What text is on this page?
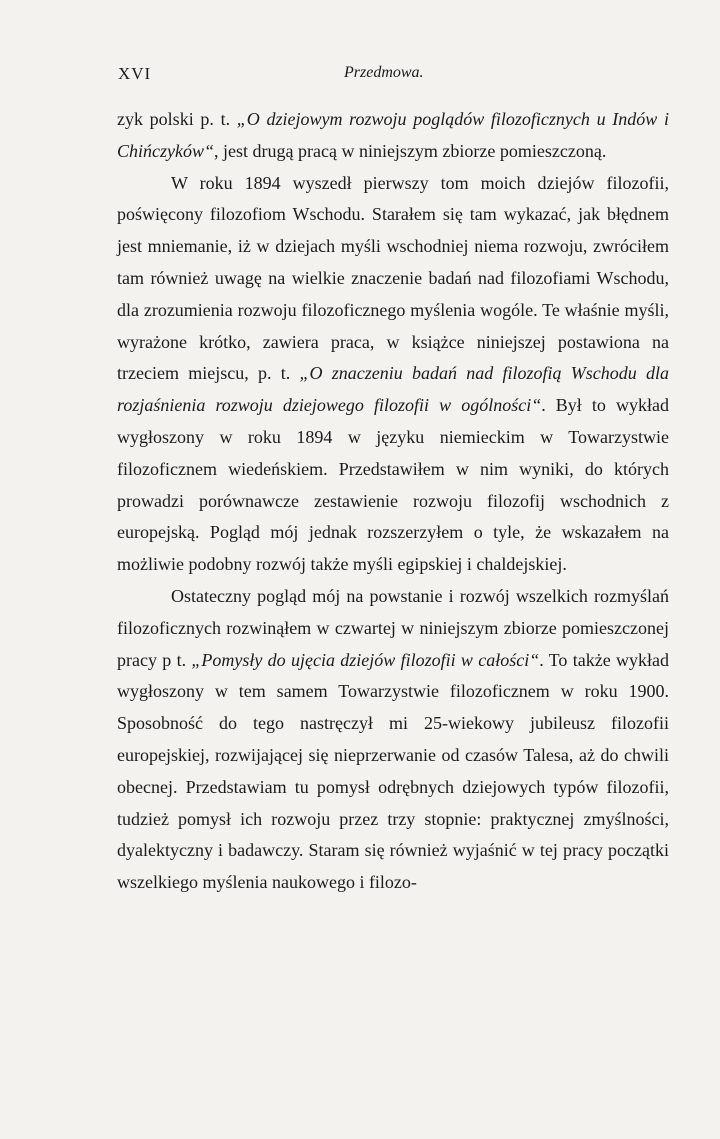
XVI	Przedmowa.

zyk polski p. t. „O dziejowym rozwoju poglądów filozoficznych u Indów i Chińczyków“, jest drugą pracą w niniejszym zbiorze pomieszczoną.

W roku 1894 wyszedł pierwszy tom moich dziejów filozofii, poświęcony filozofiom Wschodu. Starałem się tam wykazać, jak błędnem jest mniemanie, iż w dziejach myśli wschodniej niema rozwoju, zwróciłem tam również uwagę na wielkie znaczenie badań nad filozofiami Wschodu, dla zrozumienia rozwoju filozoficznego myślenia wogóle. Te właśnie myśli, wyrażone krótko, zawiera praca, w książce niniejszej postawiona na trzeciem miejscu, p. t. „O znaczeniu badań nad filozofią Wschodu dla rozjaśnienia rozwoju dziejowego filozofii w ogólności“. Był to wykład wygłoszony w roku 1894 w języku niemieckim w Towarzystwie filozoficznem wiedeńskiem. Przedstawiłem w nim wyniki, do których prowadzi porównawcze zestawienie rozwoju filozofij wschodnich z europejską. Pogląd mój jednak rozszerzyłem o tyle, że wskazałem na możliwie podobny rozwój także myśli egipskiej i chaldejskiej.

Ostateczny pogląd mój na powstanie i rozwój wszelkich rozmyślań filozoficznych rozwinąłem w czwartej w niniejszym zbiorze pomieszczonej pracy p t. „Pomysły do ujęcia dziejów filozofii w całości“. To także wykład wygłoszony w tem samem Towarzystwie filozoficznem w roku 1900. Sposobność do tego nastręczył mi 25-wiekowy jubileusz filozofii europejskiej, rozwijającej się nieprzerwanie od czasów Talesa, aż do chwili obecnej. Przedstawiam tu pomysł odrębnych dziejowych typów filozofii, tudzież pomysł ich rozwoju przez trzy stopnie: praktycznej zmyślności, dyalektyczny i badawczy. Staram się również wyjaśnić w tej pracy początki wszelkiego myślenia naukowego i filozo-
